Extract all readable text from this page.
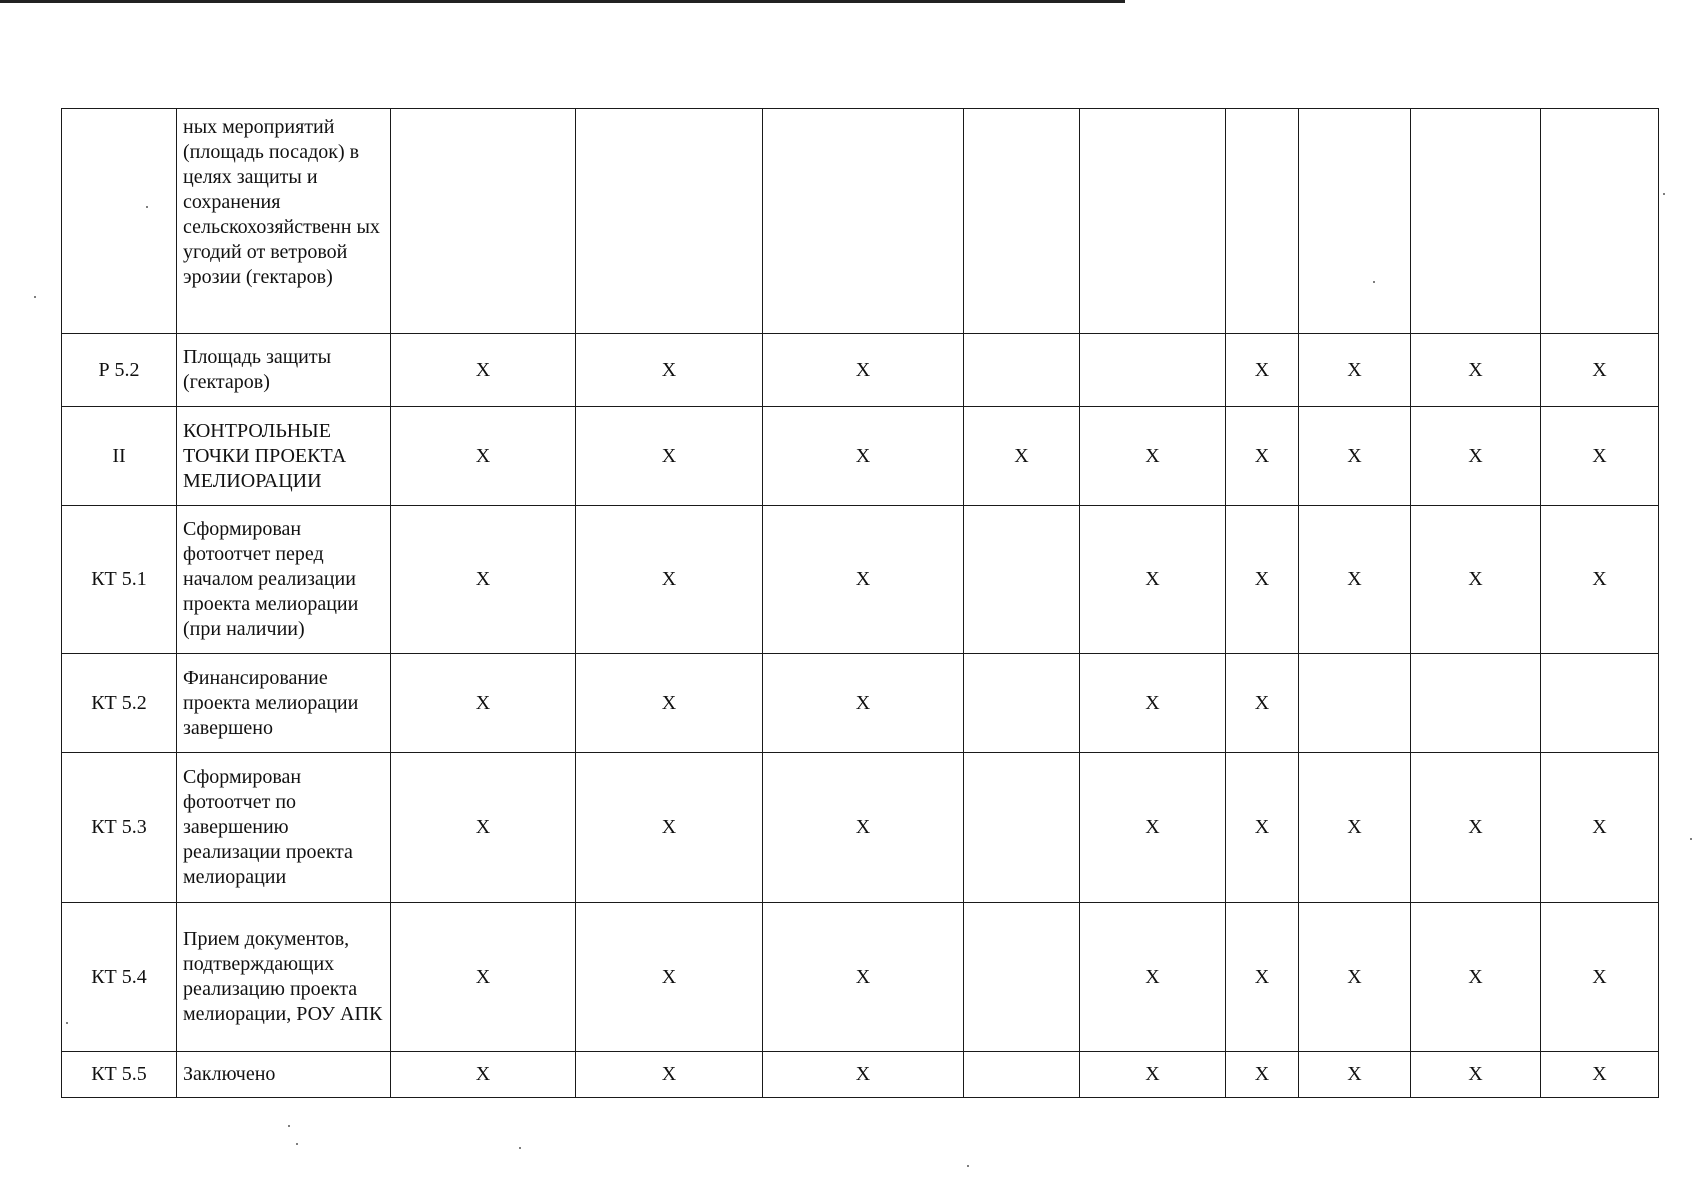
	ных мероприятий (площадь посадок) в целях защиты и сохранения сельскохозяйственн ых угодий от ветровой эрозии (гектаров)									
Р 5.2	Площадь защиты (гектаров)	Х	Х	Х			Х	Х	Х	Х
II	КОНТРОЛЬНЫЕ ТОЧКИ ПРОЕКТА МЕЛИОРАЦИИ	Х	Х	Х	Х	Х	Х	Х	Х	Х
КТ 5.1	Сформирован фотоотчет перед началом реализации проекта мелиорации (при наличии)	Х	Х	Х		Х	Х	Х	Х	Х
КТ 5.2	Финансирование проекта мелиорации завершено	Х	Х	Х		Х	Х			
КТ 5.3	Сформирован фотоотчет по завершению реализации проекта мелиорации	Х	Х	Х		Х	Х	Х	Х	Х
КТ 5.4	Прием документов, подтверждающих реализацию проекта мелиорации, РОУ АПК	Х	Х	Х		Х	Х	Х	Х	Х
КТ 5.5	Заключено	Х	Х	Х		Х	Х	Х	Х	Х
